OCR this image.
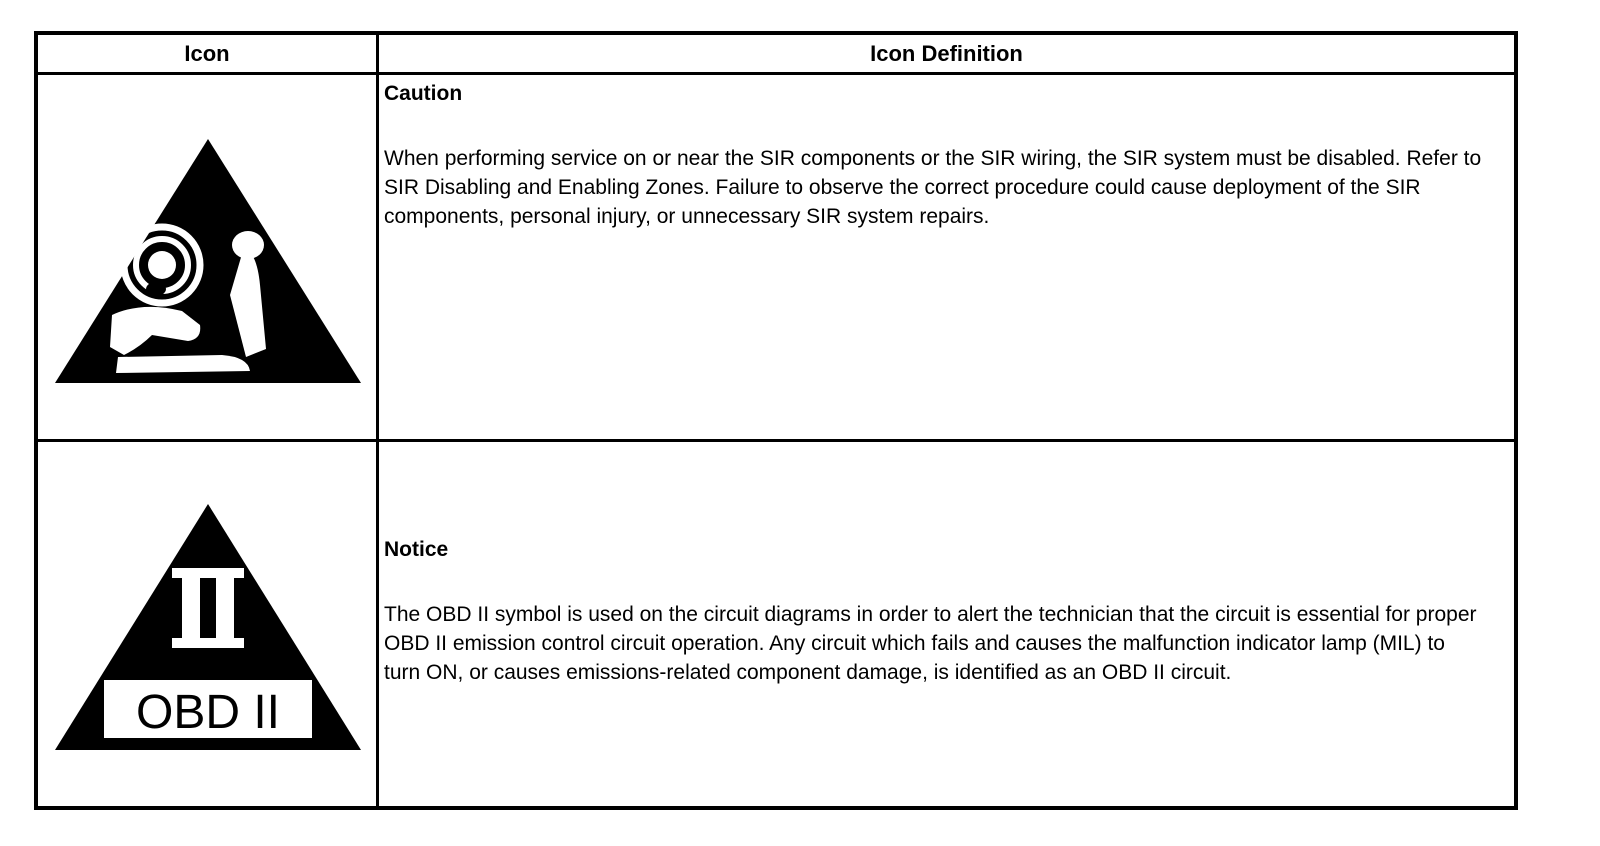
Icon	Icon Definition

Caution

When performing service on or near the SIR components or the SIR wiring, the SIR system must be disabled. Refer to SIR Disabling and Enabling Zones. Failure to observe the correct procedure could cause deployment of the SIR components, personal injury, or unnecessary SIR system repairs.

OBD II

Notice

The OBD II symbol is used on the circuit diagrams in order to alert the technician that the circuit is essential for proper OBD II emission control circuit operation. Any circuit which fails and causes the malfunction indicator lamp (MIL) to turn ON, or causes emissions-related component damage, is identified as an OBD II circuit.
